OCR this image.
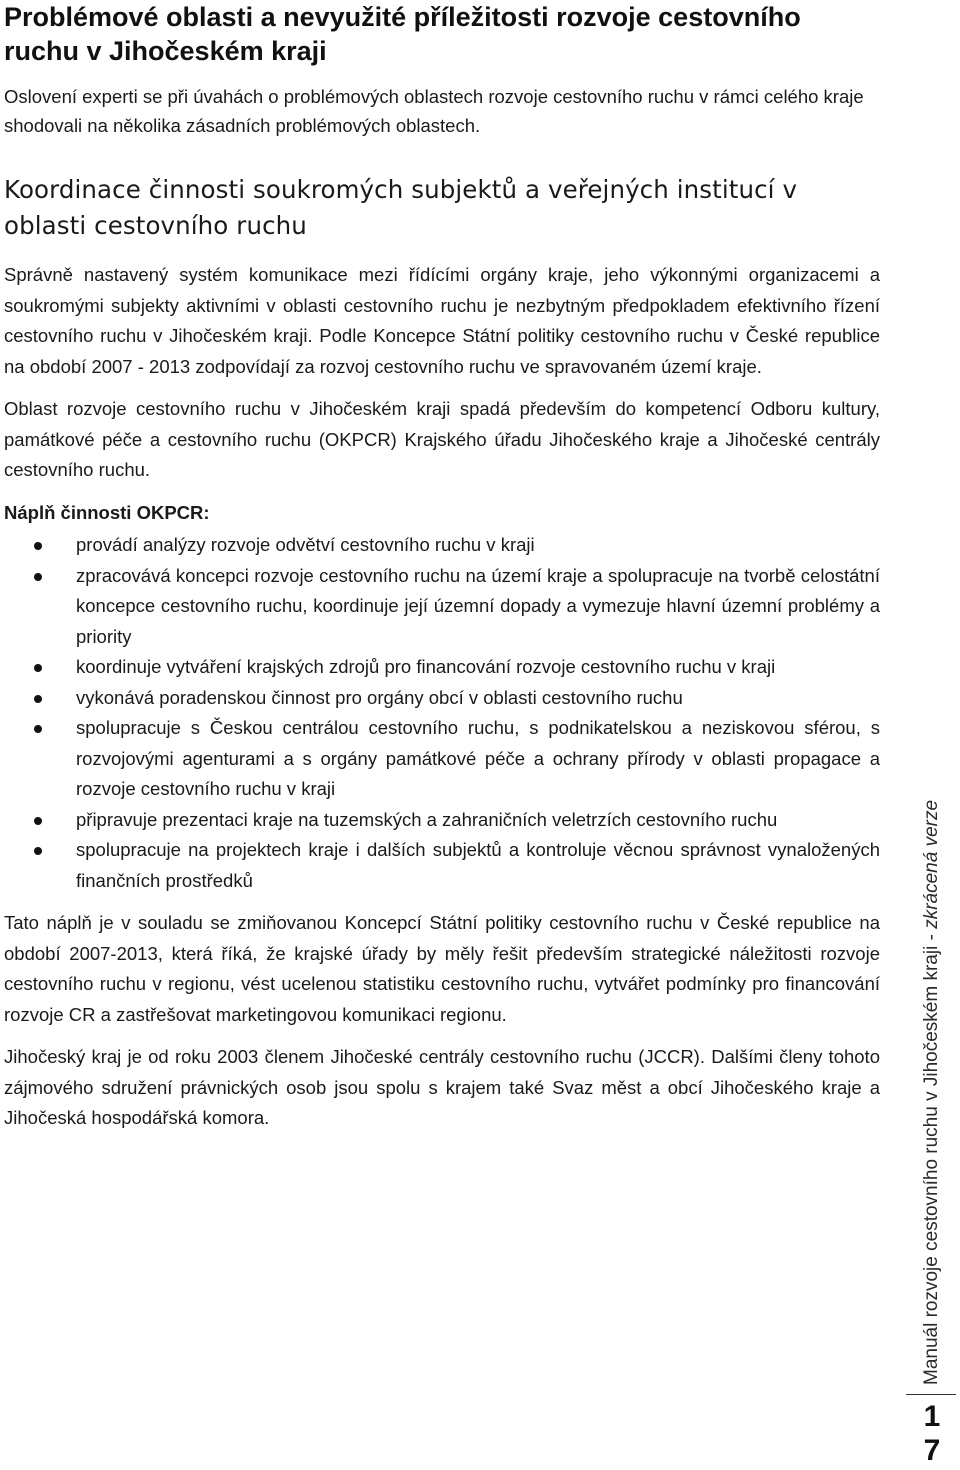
Problémové oblasti a nevyužité příležitosti rozvoje cestovního ruchu v Jihočeském kraji
Oslovení experti se při úvahách o problémových oblastech rozvoje cestovního ruchu v rámci celého kraje shodovali na několika zásadních problémových oblastech.
Koordinace činnosti soukromých subjektů a veřejných institucí v oblasti cestovního ruchu

Správně nastavený systém komunikace mezi řídícími orgány kraje, jeho výkonnými organizacemi a soukromými subjekty aktivními v oblasti cestovního ruchu je nezbytným předpokladem efektivního řízení cestovního ruchu v Jihočeském kraji. Podle Koncepce Státní politiky cestovního ruchu v České republice na období 2007 - 2013 zodpovídají za rozvoj cestovního ruchu ve spravovaném území kraje.

Oblast rozvoje cestovního ruchu v Jihočeském kraji spadá především do kompetencí Odboru kultury, památkové péče a cestovního ruchu (OKPCR) Krajského úřadu Jihočeského kraje a Jihočeské centrály cestovního ruchu.

Náplň činnosti OKPCR:
provádí analýzy rozvoje odvětví cestovního ruchu v kraji
zpracovává koncepci rozvoje cestovního ruchu na území kraje a spolupracuje na tvorbě celostátní koncepce cestovního ruchu, koordinuje její územní dopady a vymezuje hlavní územní problémy a priority
koordinuje vytváření krajských zdrojů pro financování rozvoje cestovního ruchu v kraji
vykonává poradenskou činnost pro orgány obcí v oblasti cestovního ruchu
spolupracuje s Českou centrálou cestovního ruchu, s podnikatelskou a neziskovou sférou, s rozvojovými agenturami a s orgány památkové péče a ochrany přírody v oblasti propagace a rozvoje cestovního ruchu v kraji
připravuje prezentaci kraje na tuzemských a zahraničních veletrzích cestovního ruchu
spolupracuje na projektech kraje i dalších subjektů a kontroluje věcnou správnost vynaložených finančních prostředků

Tato náplň je v souladu se zmiňovanou Koncepcí Státní politiky cestovního ruchu v České republice na období 2007-2013, která říká, že krajské úřady by měly řešit především strategické náležitosti rozvoje cestovního ruchu v regionu, vést ucelenou statistiku cestovního ruchu, vytvářet podmínky pro financování rozvoje CR a zastřešovat marketingovou komunikaci regionu.

Jihočeský kraj je od roku 2003 členem Jihočeské centrály cestovního ruchu (JCCR). Dalšími členy tohoto zájmového sdružení právnických osob jsou spolu s krajem také Svaz měst a obcí Jihočeského kraje a Jihočeská hospodářská komora.	Manuál rozvoje cestovního ruchu v Jihočeském kraji - zkrácená verze
1
7
